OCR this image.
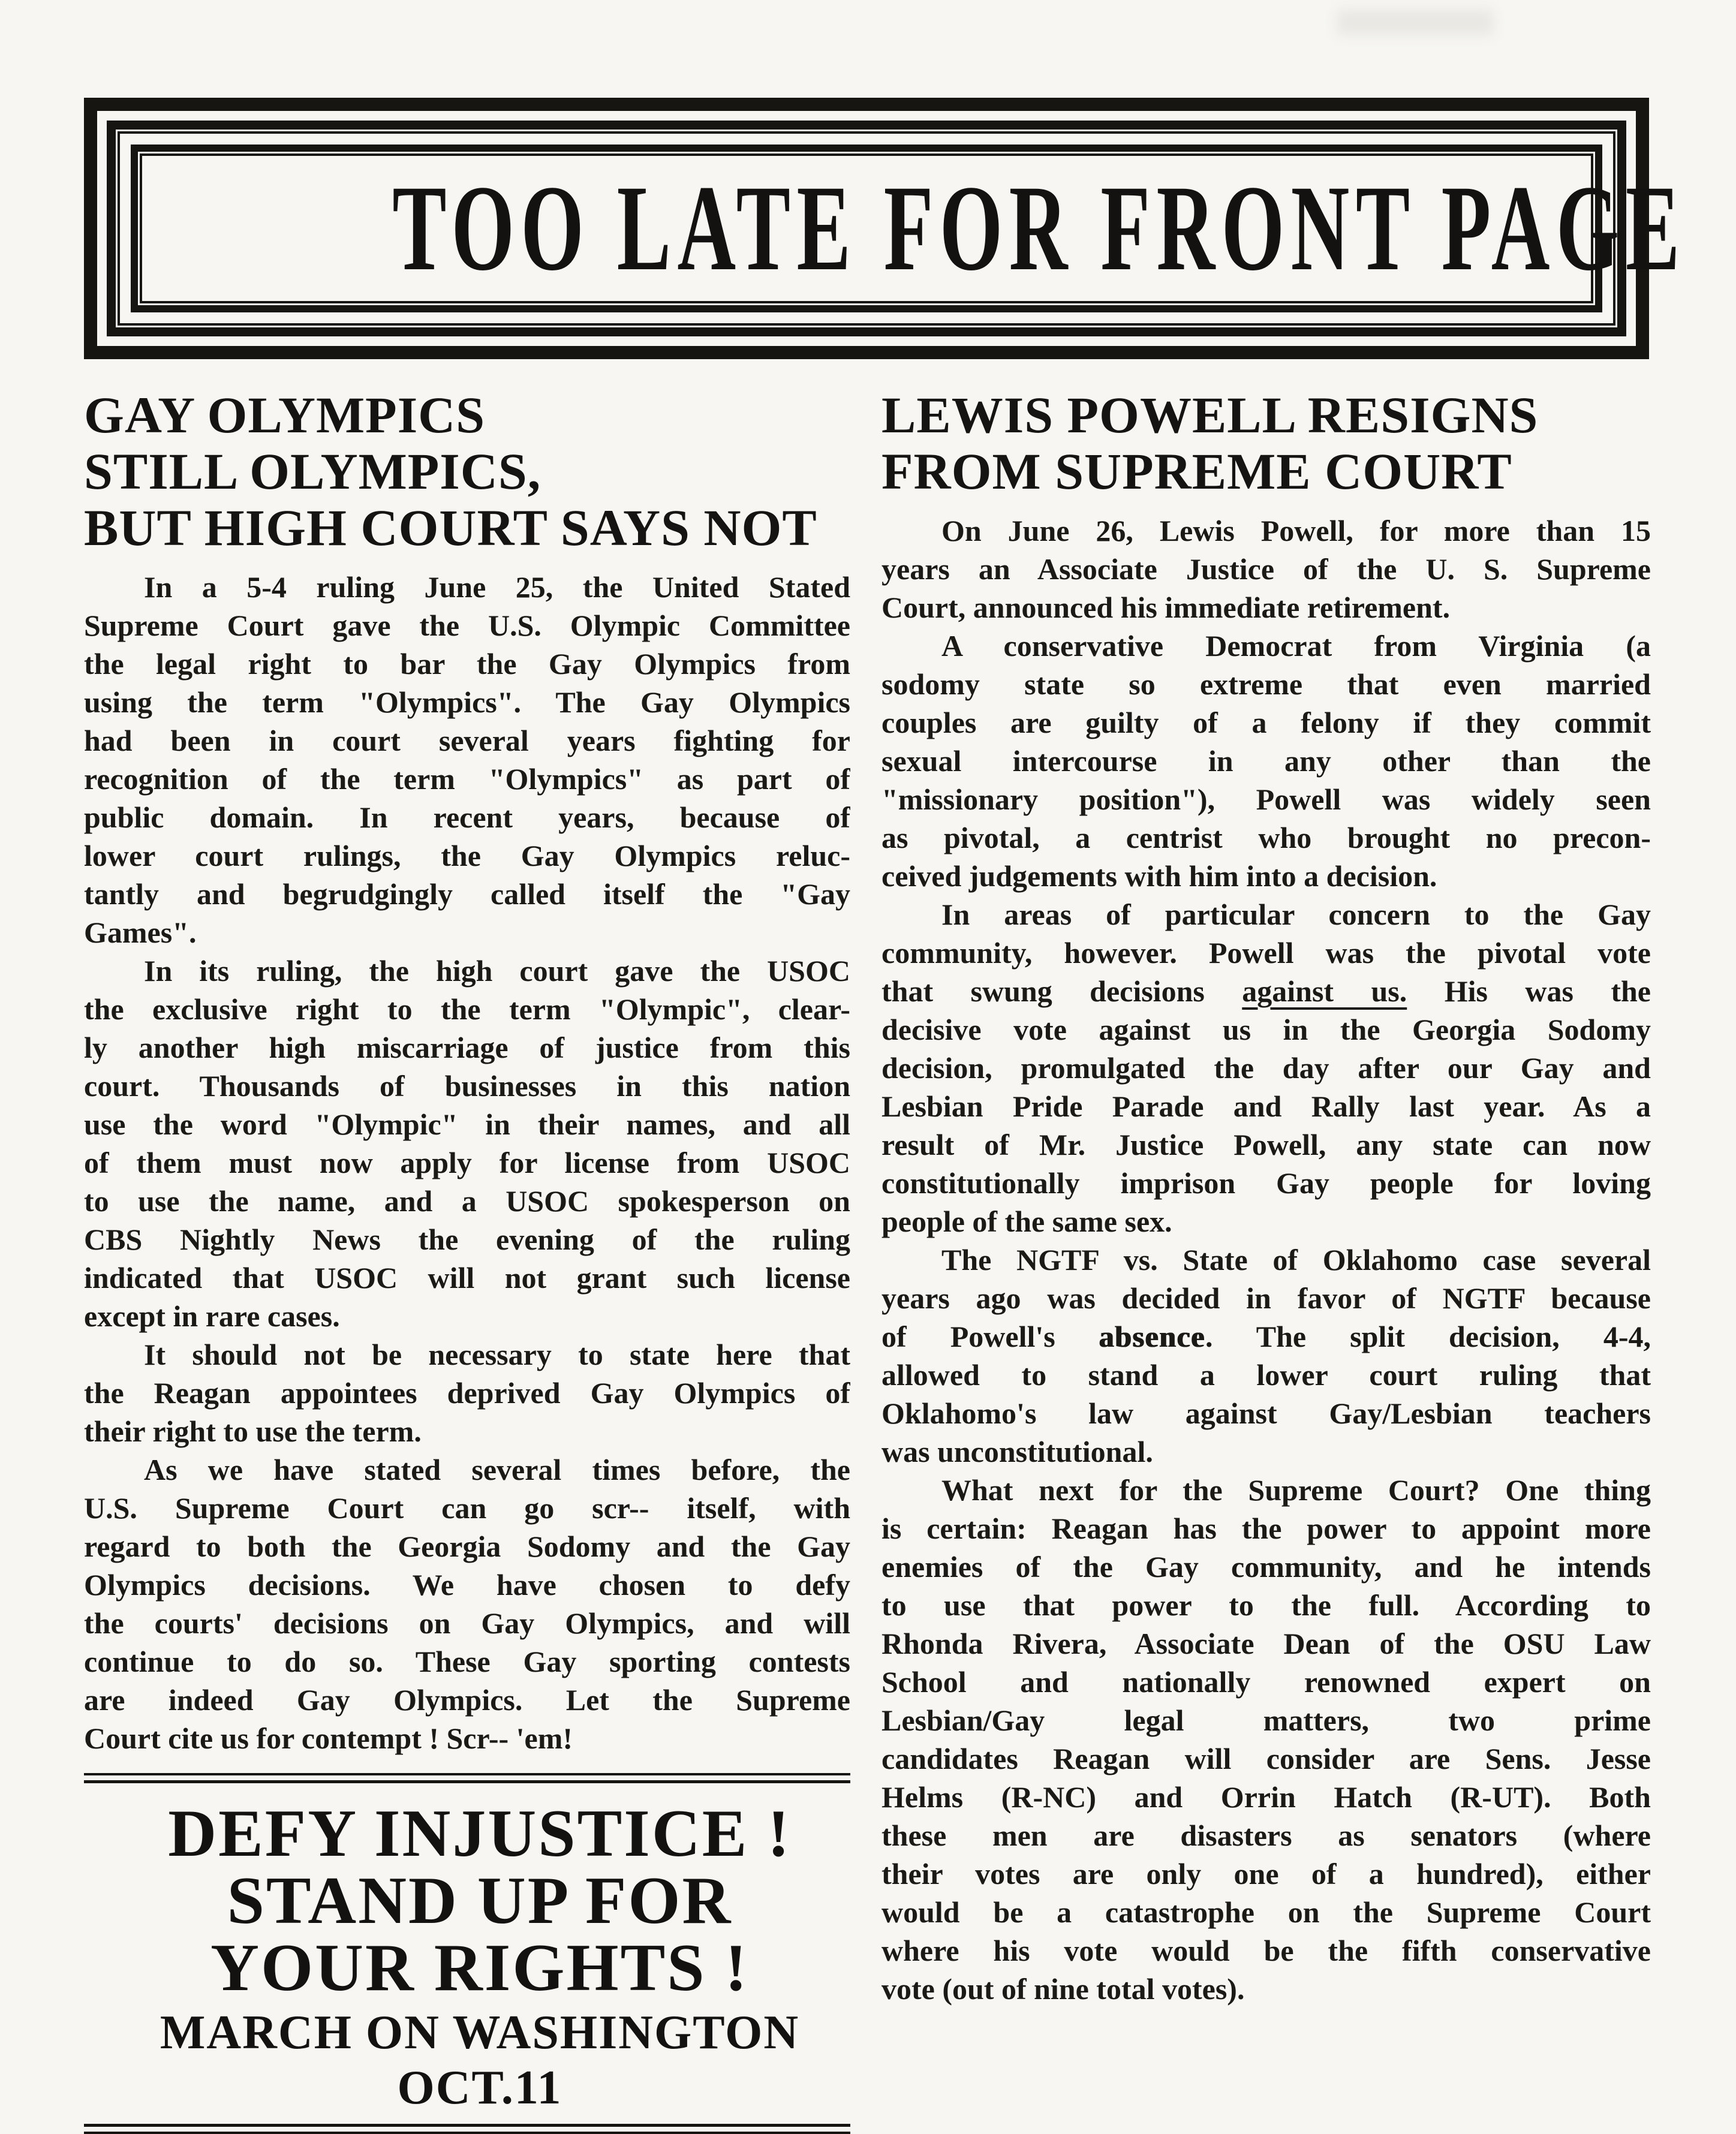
TOO LATE FOR FRONT PAGE
GAY OLYMPICS
STILL OLYMPICS,
BUT HIGH COURT SAYS NOT
In a 5-4 ruling June 25, the United Stated
Supreme Court gave the U.S. Olympic Committee
the legal right to bar the Gay Olympics from
using the term "Olympics". The Gay Olympics
had been in court several years fighting for
recognition of the term "Olympics" as part of
public domain. In recent years, because of
lower court rulings, the Gay Olympics reluc-
tantly and begrudgingly called itself the "Gay
Games".
In its ruling, the high court gave the USOC
the exclusive right to the term "Olympic", clear-
ly another high miscarriage of justice from this
court. Thousands of businesses in this nation
use the word "Olympic" in their names, and all
of them must now apply for license from USOC
to use the name, and a USOC spokesperson on
CBS Nightly News the evening of the ruling
indicated that USOC will not grant such license
except in rare cases.
It should not be necessary to state here that
the Reagan appointees deprived Gay Olympics of
their right to use the term.
As we have stated several times before, the
U.S. Supreme Court can go scr-- itself, with
regard to both the Georgia Sodomy and the Gay
Olympics decisions. We have chosen to defy
the courts' decisions on Gay Olympics, and will
continue to do so. These Gay sporting contests
are indeed Gay Olympics. Let the Supreme
Court cite us for contempt ! Scr-- 'em!
DEFY INJUSTICE !
STAND UP FOR
YOUR RIGHTS !
MARCH ON WASHINGTON OCT.11
LEWIS POWELL RESIGNS
FROM SUPREME COURT
On June 26, Lewis Powell, for more than 15
years an Associate Justice of the U. S. Supreme
Court, announced his immediate retirement.
A conservative Democrat from Virginia (a
sodomy state so extreme that even married
couples are guilty of a felony if they commit
sexual intercourse in any other than the
"missionary position"), Powell was widely seen
as pivotal, a centrist who brought no precon-
ceived judgements with him into a decision.
In areas of particular concern to the Gay
community, however. Powell was the pivotal vote
that swung decisions against us. His was the
decisive vote against us in the Georgia Sodomy
decision, promulgated the day after our Gay and
Lesbian Pride Parade and Rally last year. As a
result of Mr. Justice Powell, any state can now
constitutionally imprison Gay people for loving
people of the same sex.
The NGTF vs. State of Oklahomo case several
years ago was decided in favor of NGTF because
of Powell's absence. The split decision, 4-4,
allowed to stand a lower court ruling that
Oklahomo's law against Gay/Lesbian teachers
was unconstitutional.
What next for the Supreme Court? One thing
is certain: Reagan has the power to appoint more
enemies of the Gay community, and he intends
to use that power to the full. According to
Rhonda Rivera, Associate Dean of the OSU Law
School and nationally renowned expert on
Lesbian/Gay legal matters, two prime
candidates Reagan will consider are Sens. Jesse
Helms (R-NC) and Orrin Hatch (R-UT). Both
these men are disasters as senators (where
their votes are only one of a hundred), either
would be a catastrophe on the Supreme Court
where his vote would be the fifth conservative
vote (out of nine total votes).
